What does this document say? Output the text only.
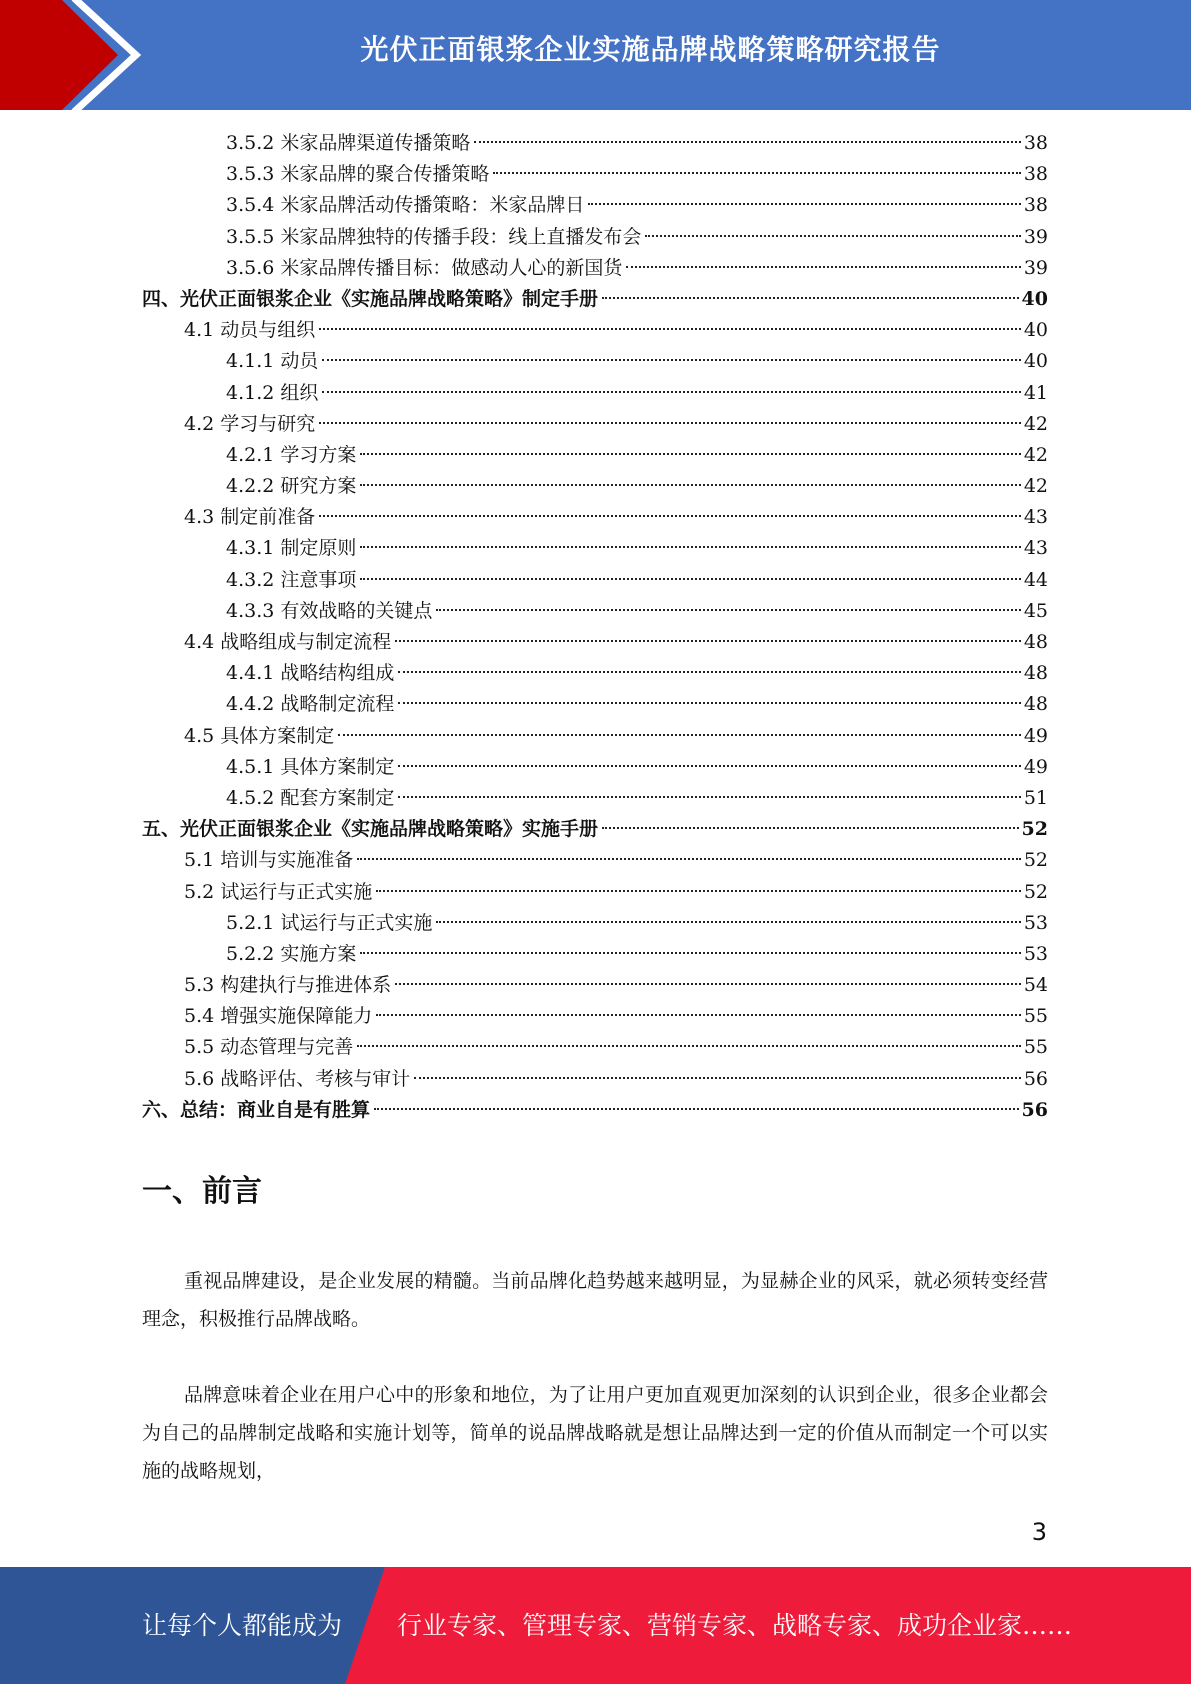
光伏正面银浆企业实施品牌战略策略研究报告
3.5.2 米家品牌渠道传播策略	38
3.5.3 米家品牌的聚合传播策略	38
3.5.4 米家品牌活动传播策略：米家品牌日	38
3.5.5 米家品牌独特的传播手段：线上直播发布会	39
3.5.6 米家品牌传播目标：做感动人心的新国货	39
四、光伏正面银浆企业《实施品牌战略策略》制定手册	40
4.1 动员与组织	40
4.1.1 动员	40
4.1.2 组织	41
4.2 学习与研究	42
4.2.1 学习方案	42
4.2.2 研究方案	42
4.3 制定前准备	43
4.3.1 制定原则	43
4.3.2 注意事项	44
4.3.3 有效战略的关键点	45
4.4 战略组成与制定流程	48
4.4.1 战略结构组成	48
4.4.2 战略制定流程	48
4.5 具体方案制定	49
4.5.1 具体方案制定	49
4.5.2 配套方案制定	51
五、光伏正面银浆企业《实施品牌战略策略》实施手册	52
5.1 培训与实施准备	52
5.2 试运行与正式实施	52
5.2.1 试运行与正式实施	53
5.2.2 实施方案	53
5.3 构建执行与推进体系	54
5.4 增强实施保障能力	55
5.5 动态管理与完善	55
5.6 战略评估、考核与审计	56
六、总结：商业自是有胜算	56
一、前言

重视品牌建设，是企业发展的精髓。当前品牌化趋势越来越明显，为显赫企业的风采，就必须转变经营理念，积极推行品牌战略。

品牌意味着企业在用户心中的形象和地位，为了让用户更加直观更加深刻的认识到企业，很多企业都会为自己的品牌制定战略和实施计划等，简单的说品牌战略就是想让品牌达到一定的价值从而制定一个可以实施的战略规划，

3
让每个人都能成为 行业专家、管理专家、营销专家、战略专家、成功企业家……
